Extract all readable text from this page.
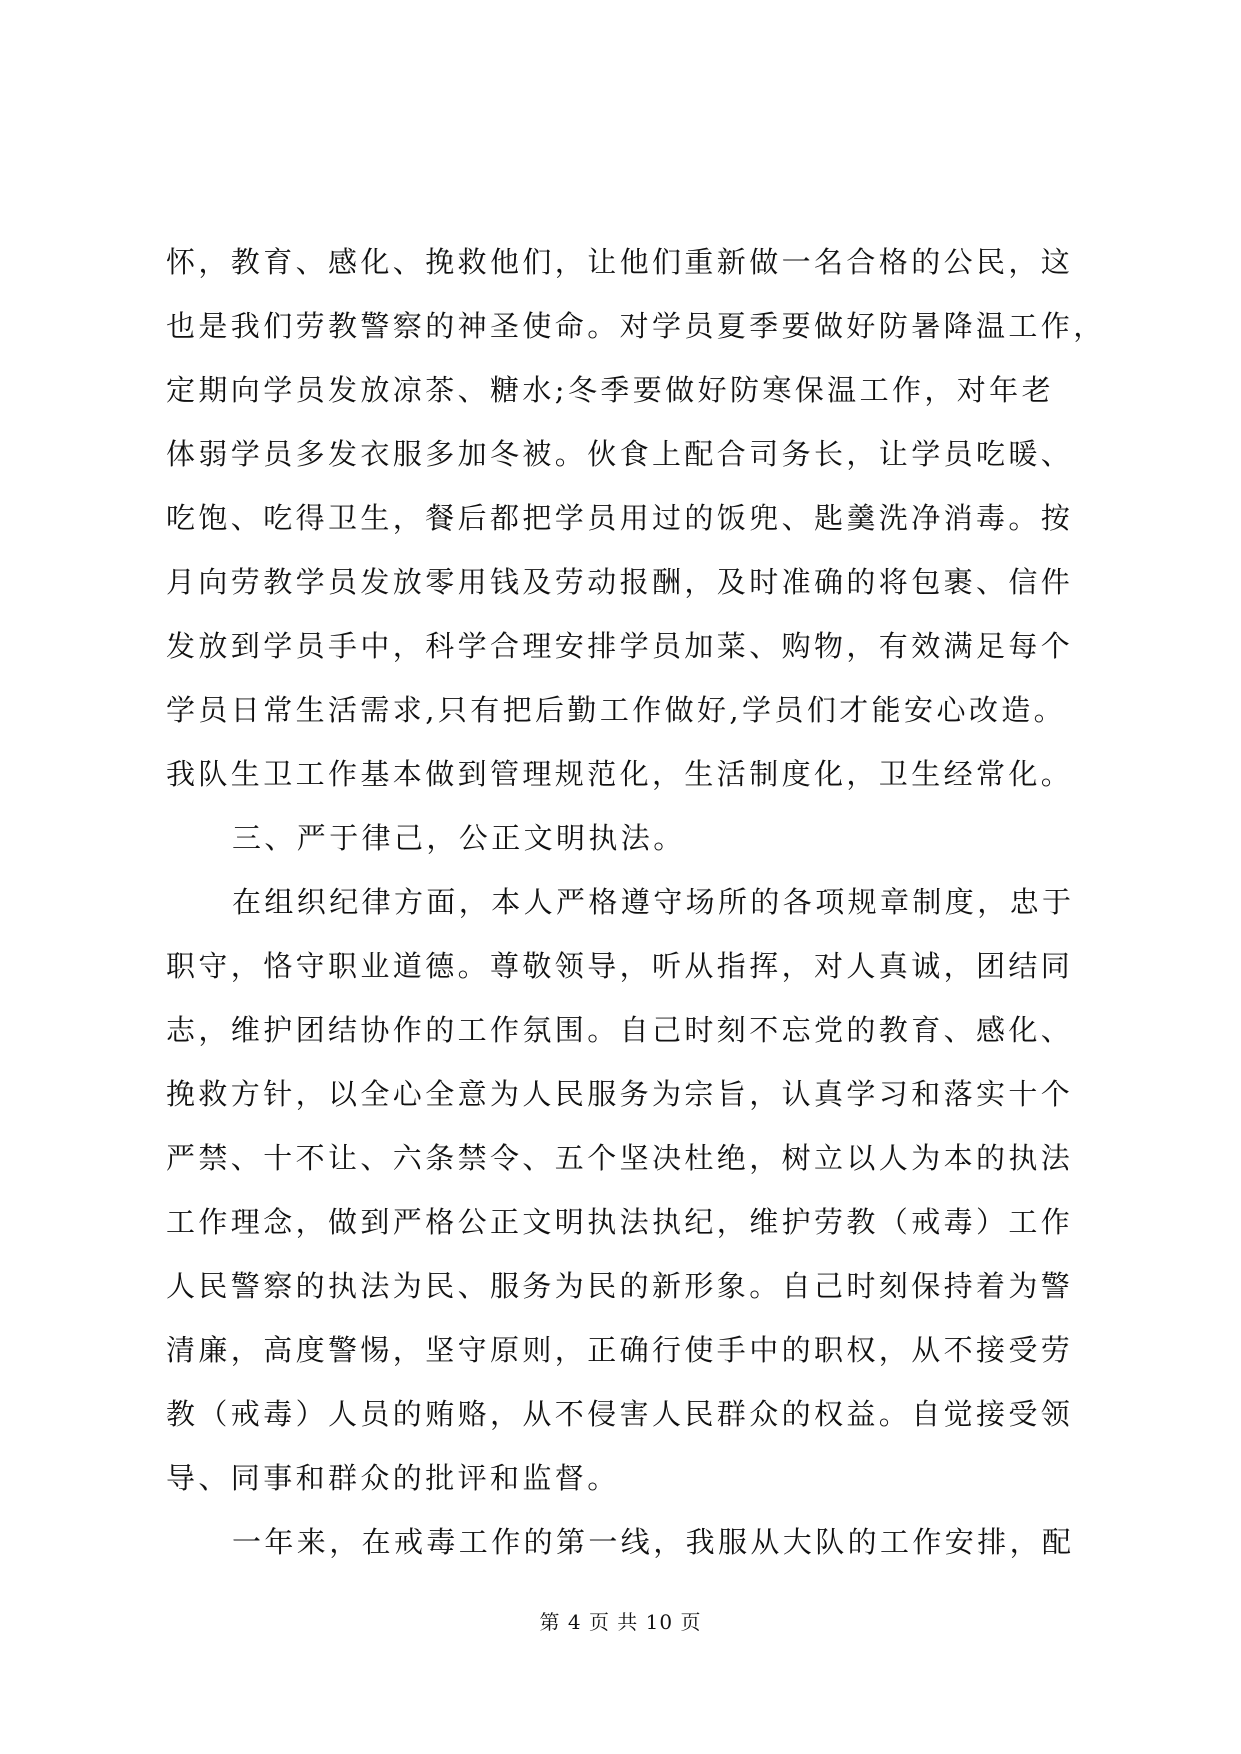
怀，教育、感化、挽救他们，让他们重新做一名合格的公民，这
也是我们劳教警察的神圣使命。对学员夏季要做好防暑降温工作，
定期向学员发放凉茶、糖水;冬季要做好防寒保温工作，对年老
体弱学员多发衣服多加冬被。伙食上配合司务长，让学员吃暖、
吃饱、吃得卫生，餐后都把学员用过的饭兜、匙羹洗净消毒。按
月向劳教学员发放零用钱及劳动报酬，及时准确的将包裹、信件
发放到学员手中，科学合理安排学员加菜、购物，有效满足每个
学员日常生活需求,只有把后勤工作做好,学员们才能安心改造。
我队生卫工作基本做到管理规范化，生活制度化，卫生经常化。
三、严于律己，公正文明执法。
在组织纪律方面，本人严格遵守场所的各项规章制度，忠于
职守，恪守职业道德。尊敬领导，听从指挥，对人真诚，团结同
志，维护团结协作的工作氛围。自己时刻不忘党的教育、感化、
挽救方针，以全心全意为人民服务为宗旨，认真学习和落实十个
严禁、十不让、六条禁令、五个坚决杜绝，树立以人为本的执法
工作理念，做到严格公正文明执法执纪，维护劳教（戒毒）工作
人民警察的执法为民、服务为民的新形象。自己时刻保持着为警
清廉，高度警惕，坚守原则，正确行使手中的职权，从不接受劳
教（戒毒）人员的贿赂，从不侵害人民群众的权益。自觉接受领
导、同事和群众的批评和监督。
一年来，在戒毒工作的第一线，我服从大队的工作安排，配
第 4 页 共 10 页
